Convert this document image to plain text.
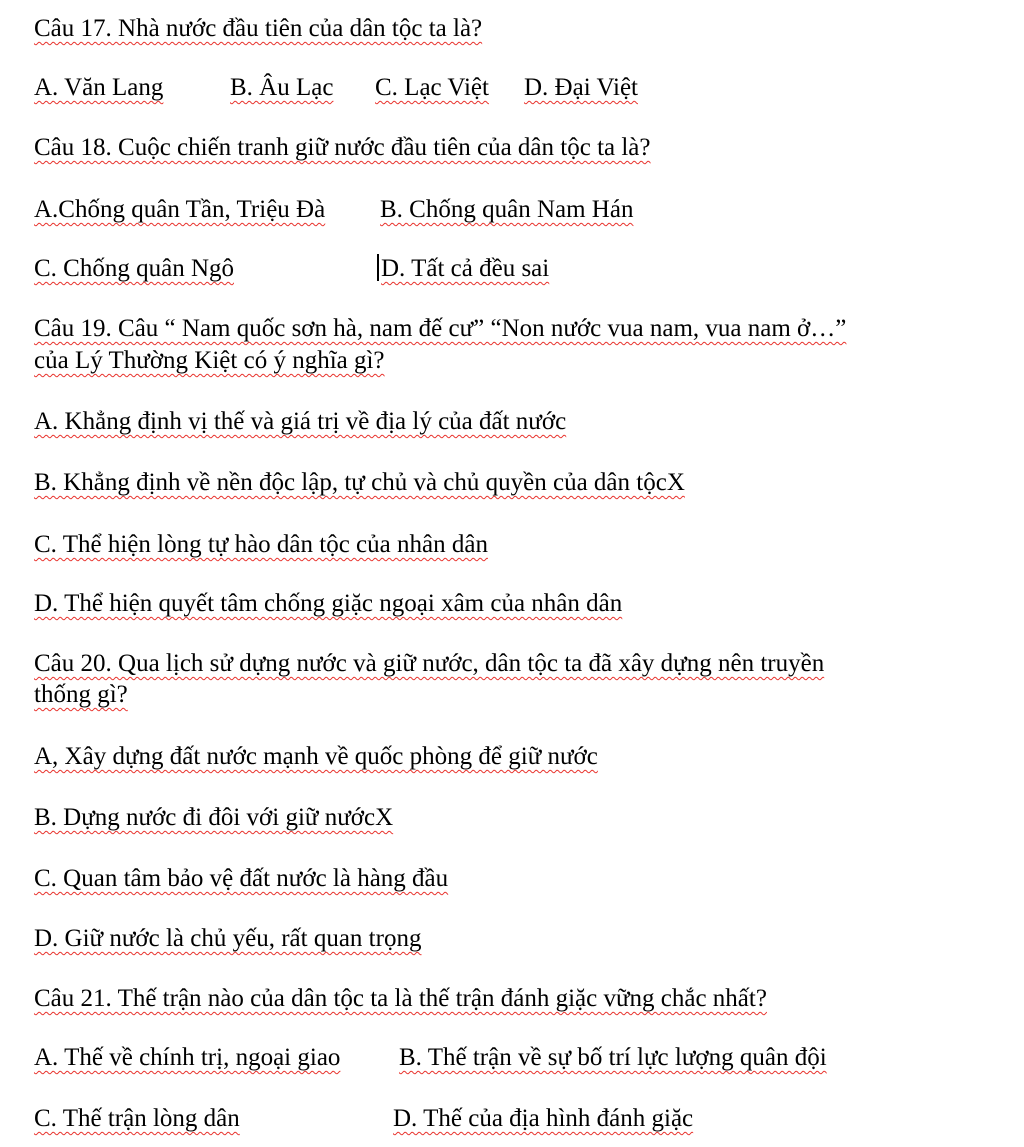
Câu 17. Nhà nước đầu tiên của dân tộc ta là?
A. Văn Lang	B. Âu Lạc C. Lạc Việt D. Đại Việt
Câu 18. Cuộc chiến tranh giữ nước đầu tiên của dân tộc ta là?
A.Chống quân Tần, Triệu Đà B. Chống quân Nam Hán
C. Chống quân Ngô	D. Tất cả đều sai
Câu 19. Câu “ Nam quốc sơn hà, nam đế cư” “Non nước vua nam, vua nam ở…”
của Lý Thường Kiệt có ý nghĩa gì?
A. Khẳng định vị thế và giá trị về địa lý của đất nước
B. Khẳng định về nền độc lập, tự chủ và chủ quyền của dân tộcX
C. Thể hiện lòng tự hào dân tộc của nhân dân
D. Thể hiện quyết tâm chống giặc ngoại xâm của nhân dân
Câu 20. Qua lịch sử dựng nước và giữ nước, dân tộc ta đã xây dựng nên truyền
thống gì?
A, Xây dựng đất nước mạnh về quốc phòng để giữ nước
B. Dựng nước đi đôi với giữ nướcX
C. Quan tâm bảo vệ đất nước là hàng đầu
D. Giữ nước là chủ yếu, rất quan trọng
Câu 21. Thế trận nào của dân tộc ta là thế trận đánh giặc vững chắc nhất?
A. Thế về chính trị, ngoại giao B. Thế trận về sự bố trí lực lượng quân đội
C. Thế trận lòng dân	D. Thế của địa hình đánh giặc
